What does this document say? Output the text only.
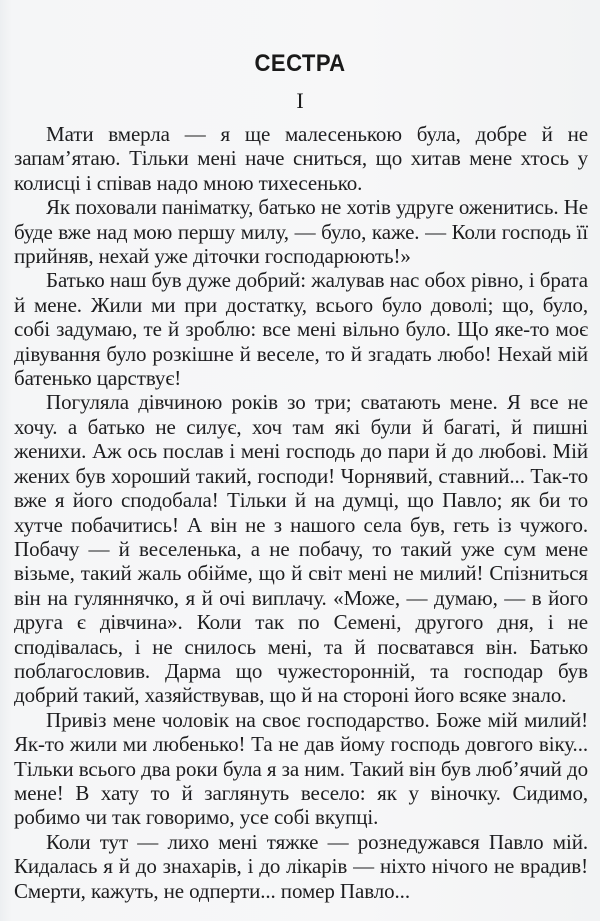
СЕСТРА
I

Мати вмерла — я ще малесенькою була, добре й не запам’ятаю. Тільки мені наче сниться, що хитав мене хтось у колисці і співав надо мною тихесенько.

Як поховали паніматку, батько не хотів удруге оженитись. Не буде вже над мою першу милу, — було, каже. — Коли господь її прийняв, нехай уже діточки господарюють!»

Батько наш був дуже добрий: жалував нас обох рівно, і брата й мене. Жили ми при достатку, всього було доволі; що, було, собі задумаю, те й зроблю: все мені вільно було. Що яке-то моє дівування було розкішне й веселе, то й згадать любо! Нехай мій батенько царствує!

Погуляла дівчиною років зо три; сватають мене. Я все не хочу. а батько не силує, хоч там які були й багаті, й пишні женихи. Аж ось послав і мені господь до пари й до любові. Мій жених був хороший такий, господи! Чорнявий, ставний... Так-то вже я його сподобала! Тільки й на думці, що Павло; як би то хутче побачитись! А він не з нашого села був, геть із чужого. Побачу — й веселенька, а не побачу, то такий уже сум мене візьме, такий жаль обійме, що й світ мені не милий! Спізниться він на гуляннячко, я й очі виплачу. «Може, — думаю, — в його друга є дівчина». Коли так по Семені, другого дня, і не сподівалась, і не снилось мені, та й посватався він. Батько поблагословив. Дарма що чужесторонній, та господар був добрий такий, хазяйствував, що й на стороні його всяке знало.

Привіз мене чоловік на своє господарство. Боже мій милий! Як-то жили ми любенько! Та не дав йому господь довгого віку... Тільки всього два роки була я за ним. Такий він був люб’ячий до мене! В хату то й заглянуть весело: як у віночку. Сидимо, робимо чи так говоримо, усе собі вкупці.

Коли тут — лихо мені тяжке — рознедужався Павло мій. Кидалась я й до знахарів, і до лікарів — ніхто нічого не врадив! Смерти, кажуть, не одперти... помер Павло...
